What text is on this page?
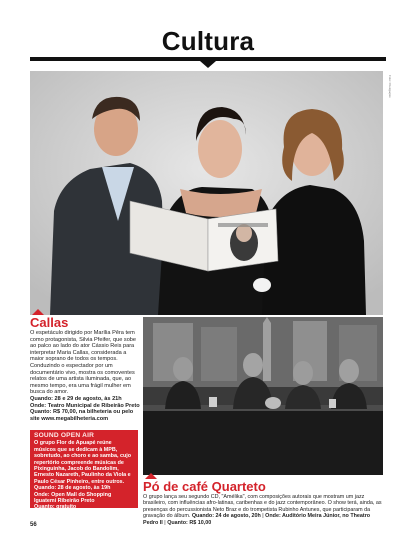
Cultura
Foto: Divulgação
Callas
O espetáculo dirigido por Marília Pêra tem como protagonista, Silvia Pfeifer, que sobe ao palco ao lado do ator Cássio Reis para interpretar Maria Callas, considerada a maior soprano de todos os tempos. Conduzindo o espectador por um documentário vivo, mostra os comoventes relatos de uma artista iluminada, que, ao mesmo tempo, era uma frágil mulher em busca do amor.
Quando: 28 e 29 de agosto, às 21h
Onde: Teatro Municipal de Ribeirão Preto
Quanto: R$ 70,00, na bilheteria ou pelo site www.megabilheteria.com
SOUND OPEN AIR
O grupo Flor de Apuapé reúne músicos que se dedicam à MPB, sobretudo, ao choro e ao samba, cujo repertório compreende músicas de Pixinguinha, Jacob do Bandolim, Ernesto Nazareth, Paulinho da Viola e Paulo César Pinheiro, entre outros.
Quando: 28 de agosto, às 19h
Onde: Open Mall do Shopping Iguatemi Ribeirão Preto
Quanto: gratuito
Pó de café Quarteto
O grupo lança seu segundo CD, "Amélika", com composições autorais que mostram um jazz brasileiro, com influências afro-latinas, caribenhas e do jazz contemporâneo. O show terá, ainda, as presenças do percussionista Neto Braz e do trompetista Rubinho Antunes, que participaram da gravação do álbum. Quando: 24 de agosto, 20h | Onde: Auditório Meira Júnior, no Theatro Pedro II | Quanto: R$ 10,00
56
